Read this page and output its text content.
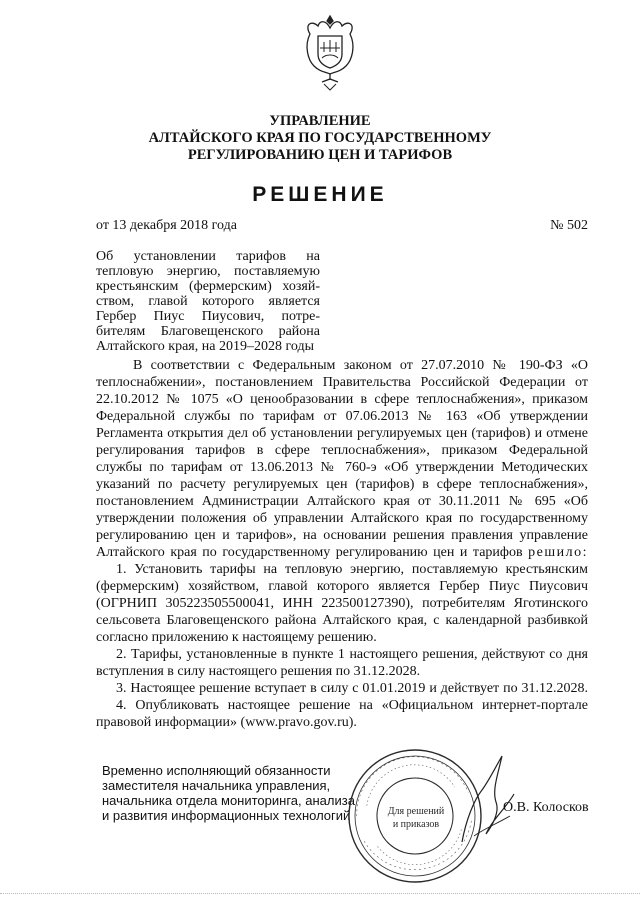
УПРАВЛЕНИЕ
АЛТАЙСКОГО КРАЯ ПО ГОСУДАРСТВЕННОМУ
РЕГУЛИРОВАНИЮ ЦЕН И ТАРИФОВ
РЕШЕНИЕ
от 13 декабря 2018 года	№ 502
Об установлении тарифов на
тепловую энергию, поставляемую
крестьянским (фермерским) хозяй-
ством, главой которого является
Гербер Пиус Пиусович, потре-
бителям Благовещенского района
Алтайского края, на 2019–2028 годы
В соответствии с Федеральным законом от 27.07.2010 № 190-ФЗ «О
теплоснабжении», постановлением Правительства Российской Федерации от
22.10.2012 № 1075 «О ценообразовании в сфере теплоснабжения», приказом
Федеральной службы по тарифам от 07.06.2013 № 163 «Об утверждении
Регламента открытия дел об установлении регулируемых цен (тарифов) и отмене
регулирования тарифов в сфере теплоснабжения», приказом Федеральной
службы по тарифам от 13.06.2013 № 760-э «Об утверждении Методических
указаний по расчету регулируемых цен (тарифов) в сфере теплоснабжения»,
постановлением Администрации Алтайского края от 30.11.2011 № 695 «Об
утверждении положения об управлении Алтайского края по государственному
регулированию цен и тарифов», на основании решения правления управление
Алтайского края по государственному регулированию цен и тарифов решило:
1. Установить тарифы на тепловую энергию, поставляемую крестьянским
(фермерским) хозяйством, главой которого является Гербер Пиус Пиусович
(ОГРНИП 305223505500041, ИНН 223500127390), потребителям Яготинского
сельсовета Благовещенского района Алтайского края, с календарной разбивкой
согласно приложению к настоящему решению.
2. Тарифы, установленные в пункте 1 настоящего решения, действуют со дня
вступления в силу настоящего решения по 31.12.2028.
3. Настоящее решение вступает в силу с 01.01.2019 и действует по 31.12.2028.
4. Опубликовать настоящее решение на «Официальном интернет-портале
правовой информации» (www.pravo.gov.ru).
Временно исполняющий обязанности
заместителя начальника управления,
начальника отдела мониторинга, анализа
и развития информационных технологий	Для решений
и приказов
О.В. Колосков
